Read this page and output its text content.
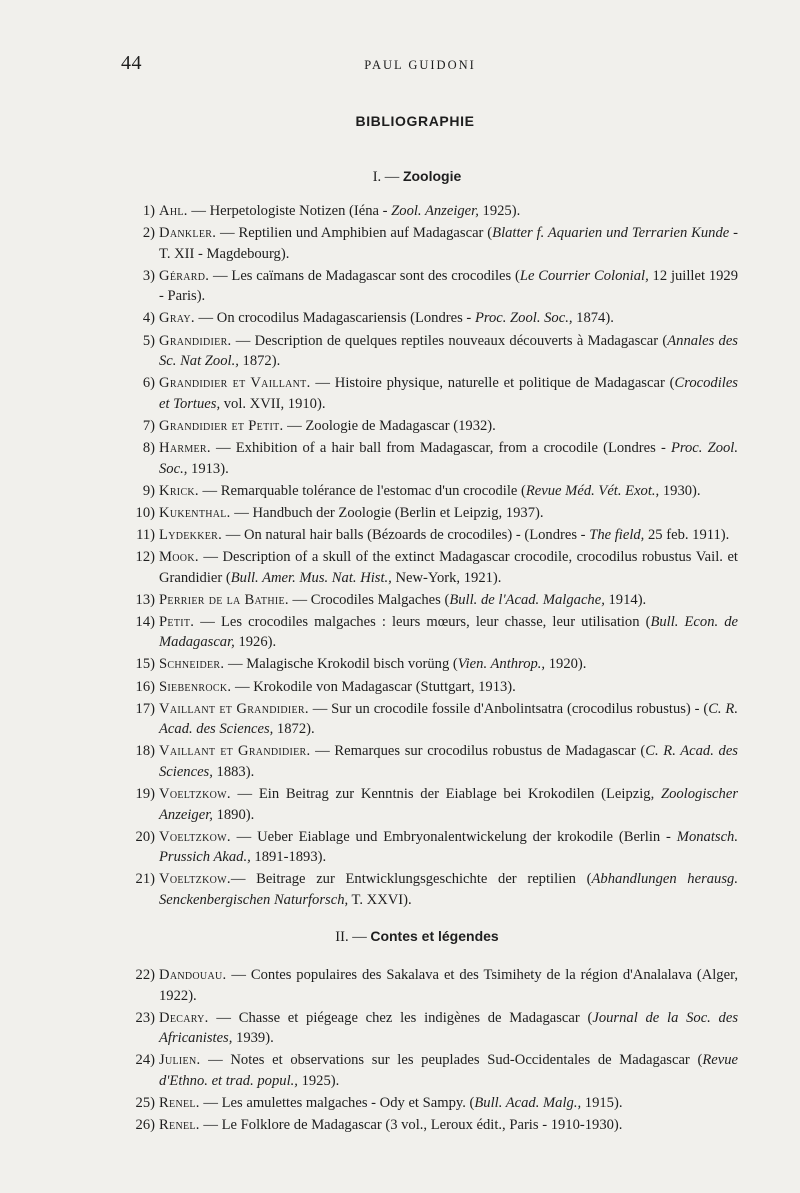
44	PAUL GUIDONI
BIBLIOGRAPHIE
I. — Zoologie
1) Ahl. — Herpetologiste Notizen (Iéna - Zool. Anzeiger, 1925).
2) Dankler. — Reptilien und Amphibien auf Madagascar (Blatter f. Aquarien und Terrarien Kunde - T. XII - Magdebourg).
3) Gérard. — Les caïmans de Madagascar sont des crocodiles (Le Courrier Colonial, 12 juillet 1929 - Paris).
4) Gray. — On crocodilus Madagascariensis (Londres - Proc. Zool. Soc., 1874).
5) Grandidier. — Description de quelques reptiles nouveaux découverts à Madagascar (Annales des Sc. Nat Zool., 1872).
6) Grandidier et Vaillant. — Histoire physique, naturelle et politique de Madagascar (Crocodiles et Tortues, vol. XVII, 1910).
7) Grandidier et Petit. — Zoologie de Madagascar (1932).
8) Harmer. — Exhibition of a hair ball from Madagascar, from a crocodile (Londres - Proc. Zool. Soc., 1913).
9) Krick. — Remarquable tolérance de l'estomac d'un crocodile (Revue Méd. Vét. Exot., 1930).
10) Kukenthal. — Handbuch der Zoologie (Berlin et Leipzig, 1937).
11) Lydekker. — On natural hair balls (Bézoards de crocodiles) - (Londres - The field, 25 feb. 1911).
12) Mook. — Description of a skull of the extinct Madagascar crocodile, crocodilus robustus Vail. et Grandidier (Bull. Amer. Mus. Nat. Hist., New-York, 1921).
13) Perrier de la Bathie. — Crocodiles Malgaches (Bull. de l'Acad. Malgache, 1914).
14) Petit. — Les crocodiles malgaches : leurs mœurs, leur chasse, leur utilisation (Bull. Econ. de Madagascar, 1926).
15) Schneider. — Malagische Krokodil bisch vorüng (Vien. Anthrop., 1920).
16) Siebenrock. — Krokodile von Madagascar (Stuttgart, 1913).
17) Vaillant et Grandidier. — Sur un crocodile fossile d'Anbolintsatra (crocodilus robustus) - (C. R. Acad. des Sciences, 1872).
18) Vaillant et Grandidier. — Remarques sur crocodilus robustus de Madagascar (C. R. Acad. des Sciences, 1883).
19) Voeltzkow. — Ein Beitrag zur Kenntnis der Eiablage bei Krokodilen (Leipzig, Zoologischer Anzeiger, 1890).
20) Voeltzkow. — Ueber Eiablage und Embryonalentwickelung der krokodile (Berlin - Monatsch. Prussich Akad., 1891-1893).
21) Voeltzkow.— Beitrage zur Entwicklungsgeschichte der reptilien (Abhandlungen herausg. Senckenbergischen Naturforsch, T. XXVI).
II. — Contes et légendes
22) Dandouau. — Contes populaires des Sakalava et des Tsimihety de la région d'Analalava (Alger, 1922).
23) Decary. — Chasse et piégeage chez les indigènes de Madagascar (Journal de la Soc. des Africanistes, 1939).
24) Julien. — Notes et observations sur les peuplades Sud-Occidentales de Madagascar (Revue d'Ethno. et trad. popul., 1925).
25) Renel. — Les amulettes malgaches - Ody et Sampy. (Bull. Acad. Malg., 1915).
26) Renel. — Le Folklore de Madagascar (3 vol., Leroux édit., Paris - 1910-1930).
